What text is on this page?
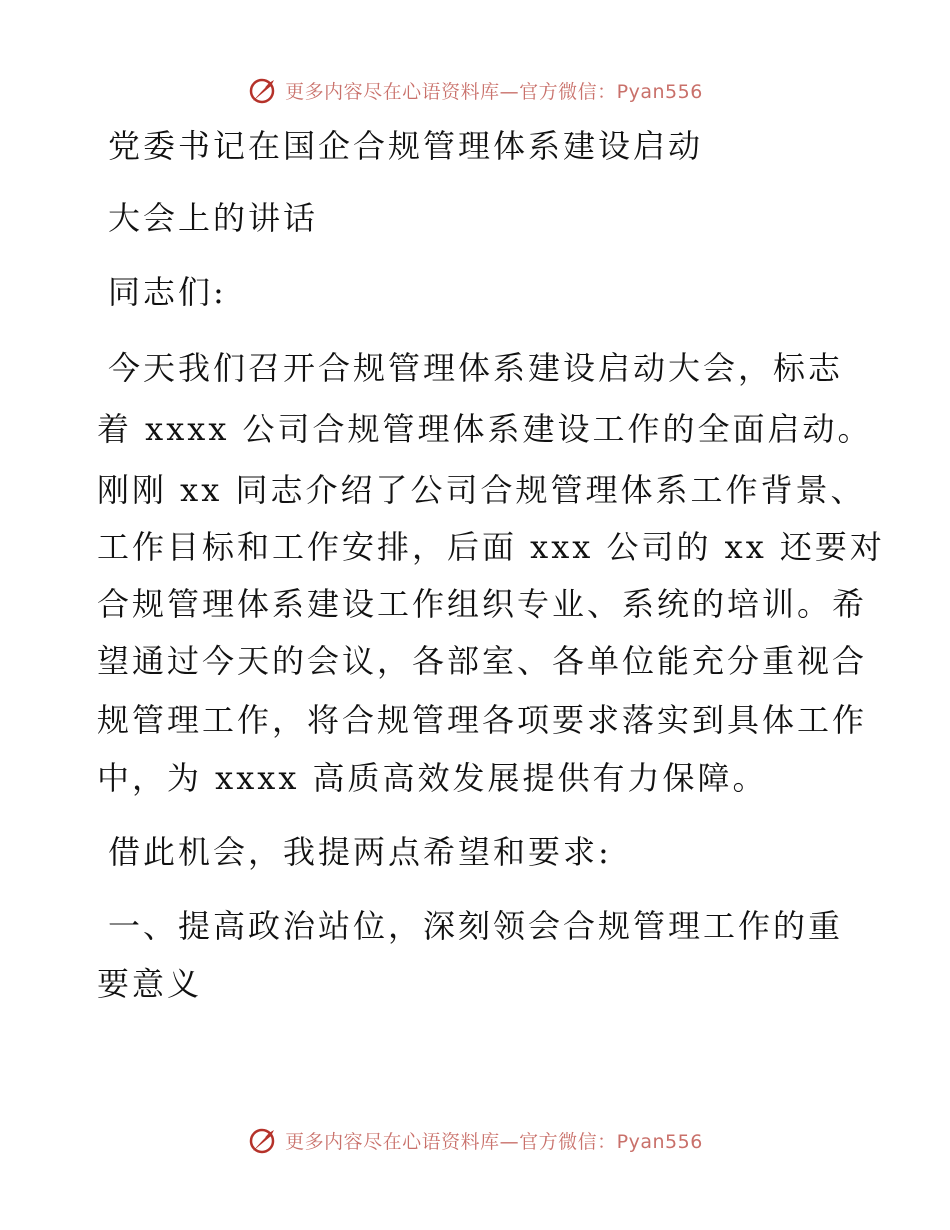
更多内容尽在心语资料库—官方微信：Pyan556
党委书记在国企合规管理体系建设启动
大会上的讲话
同志们:
今天我们召开合规管理体系建设启动大会，标志
着 xxxx 公司合规管理体系建设工作的全面启动。
刚刚 xx 同志介绍了公司合规管理体系工作背景、
工作目标和工作安排，后面 xxx 公司的 xx 还要对
合规管理体系建设工作组织专业、系统的培训。希
望通过今天的会议，各部室、各单位能充分重视合
规管理工作，将合规管理各项要求落实到具体工作
中，为 xxxx 高质高效发展提供有力保障。
借此机会，我提两点希望和要求:
一、提高政治站位，深刻领会合规管理工作的重
要意义
更多内容尽在心语资料库—官方微信：Pyan556
